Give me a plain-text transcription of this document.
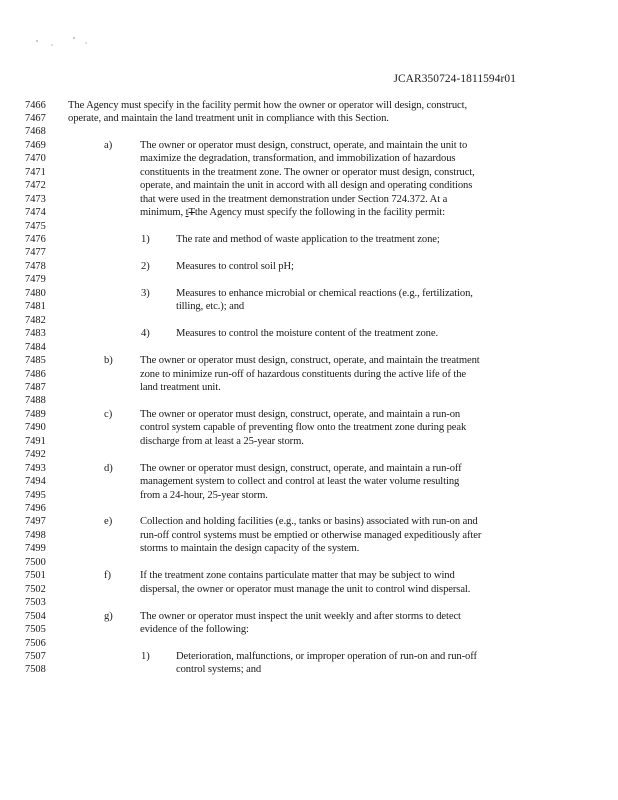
JCAR350724-1811594r01
7466	The Agency must specify in the facility permit how the owner or operator will design, construct,
7467	operate, and maintain the land treatment unit in compliance with this Section.
7468
7469	a)	The owner or operator must design, construct, operate, and maintain the unit to
7470	maximize the degradation, transformation, and immobilization of hazardous
7471	constituents in the treatment zone. The owner or operator must design, construct,
7472	operate, and maintain the unit in accord with all design and operating conditions
7473	that were used in the treatment demonstration under Section 724.372. At a
7474	minimum, tTthe Agency must specify the following in the facility permit:
7475
7476	1) The rate and method of waste application to the treatment zone;
7477
7478	2) Measures to control soil pH;
7479
7480	3) Measures to enhance microbial or chemical reactions (e.g., fertilization,
7481	tilling, etc.); and
7482
7483	4) Measures to control the moisture content of the treatment zone.
7484
7485	b)	The owner or operator must design, construct, operate, and maintain the treatment
7486	zone to minimize run-off of hazardous constituents during the active life of the
7487	land treatment unit.
7488
7489	c)	The owner or operator must design, construct, operate, and maintain a run-on
7490	control system capable of preventing flow onto the treatment zone during peak
7491	discharge from at least a 25-year storm.
7492
7493	d)	The owner or operator must design, construct, operate, and maintain a run-off
7494	management system to collect and control at least the water volume resulting
7495	from a 24-hour, 25-year storm.
7496
7497	e)	Collection and holding facilities (e.g., tanks or basins) associated with run-on and
7498	run-off control systems must be emptied or otherwise managed expeditiously after
7499	storms to maintain the design capacity of the system.
7500
7501	f)	If the treatment zone contains particulate matter that may be subject to wind
7502	dispersal, the owner or operator must manage the unit to control wind dispersal.
7503
7504	g)	The owner or operator must inspect the unit weekly and after storms to detect
7505	evidence of the following:
7506
7507	1) Deterioration, malfunctions, or improper operation of run-on and run-off
7508	control systems; and
